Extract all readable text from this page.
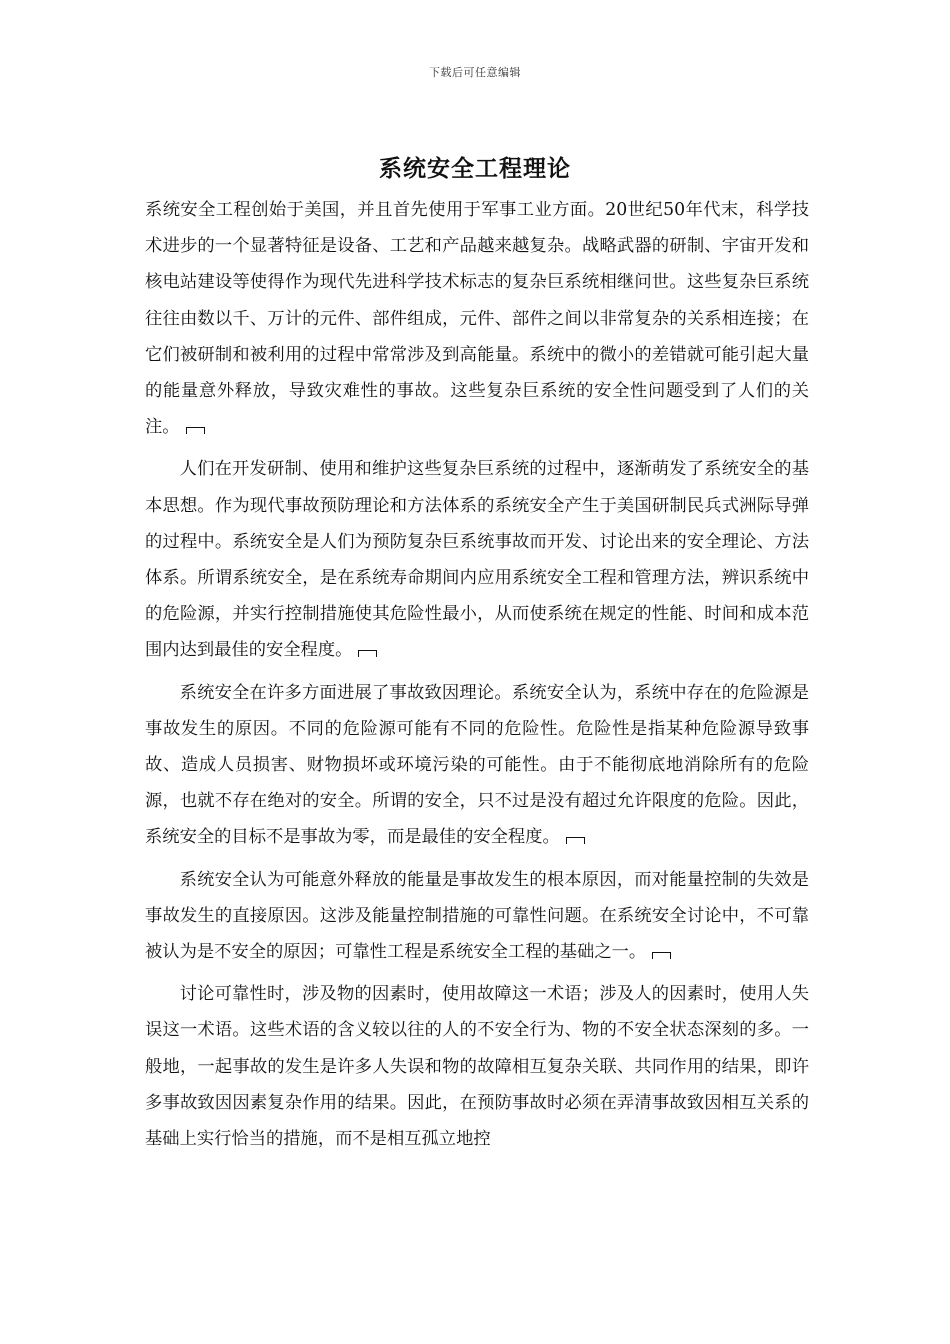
下载后可任意编辑
系统安全工程理论

系统安全工程创始于美国，并且首先使用于军事工业方面。20世纪50年代末，科学技术进步的一个显著特征是设备、工艺和产品越来越复杂。战略武器的研制、宇宙开发和核电站建设等使得作为现代先进科学技术标志的复杂巨系统相继问世。这些复杂巨系统往往由数以千、万计的元件、部件组成，元件、部件之间以非常复杂的关系相连接；在它们被研制和被利用的过程中常常涉及到高能量。系统中的微小的差错就可能引起大量的能量意外释放，导致灾难性的事故。这些复杂巨系统的安全性问题受到了人们的关注。

人们在开发研制、使用和维护这些复杂巨系统的过程中，逐渐萌发了系统安全的基本思想。作为现代事故预防理论和方法体系的系统安全产生于美国研制民兵式洲际导弹的过程中。系统安全是人们为预防复杂巨系统事故而开发、讨论出来的安全理论、方法体系。所谓系统安全，是在系统寿命期间内应用系统安全工程和管理方法，辨识系统中的危险源，并实行控制措施使其危险性最小，从而使系统在规定的性能、时间和成本范围内达到最佳的安全程度。

系统安全在许多方面进展了事故致因理论。系统安全认为，系统中存在的危险源是事故发生的原因。不同的危险源可能有不同的危险性。危险性是指某种危险源导致事故、造成人员损害、财物损坏或环境污染的可能性。由于不能彻底地消除所有的危险源，也就不存在绝对的安全。所谓的安全，只不过是没有超过允许限度的危险。因此，系统安全的目标不是事故为零，而是最佳的安全程度。

系统安全认为可能意外释放的能量是事故发生的根本原因，而对能量控制的失效是事故发生的直接原因。这涉及能量控制措施的可靠性问题。在系统安全讨论中，不可靠被认为是不安全的原因；可靠性工程是系统安全工程的基础之一。

讨论可靠性时，涉及物的因素时，使用故障这一术语；涉及人的因素时，使用人失误这一术语。这些术语的含义较以往的人的不安全行为、物的不安全状态深刻的多。一般地，一起事故的发生是许多人失误和物的故障相互复杂关联、共同作用的结果，即许多事故致因因素复杂作用的结果。因此，在预防事故时必须在弄清事故致因相互关系的基础上实行恰当的措施，而不是相互孤立地控
